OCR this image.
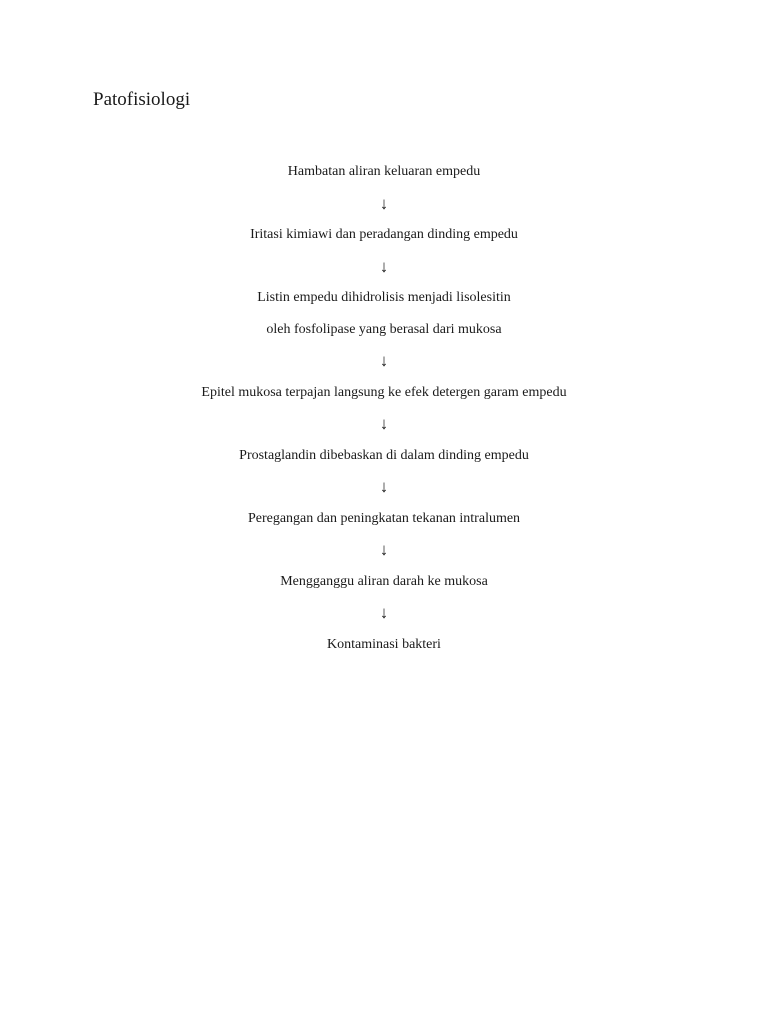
Patofisiologi
Hambatan aliran keluaran empedu
↓
Iritasi kimiawi dan peradangan dinding empedu
↓
Listin empedu dihidrolisis menjadi lisolesitin
oleh fosfolipase yang berasal dari mukosa
↓
Epitel mukosa terpajan langsung ke efek detergen garam empedu
↓
Prostaglandin dibebaskan di dalam dinding empedu
↓
Peregangan dan peningkatan tekanan intralumen
↓
Mengganggu aliran darah ke mukosa
↓
Kontaminasi bakteri
